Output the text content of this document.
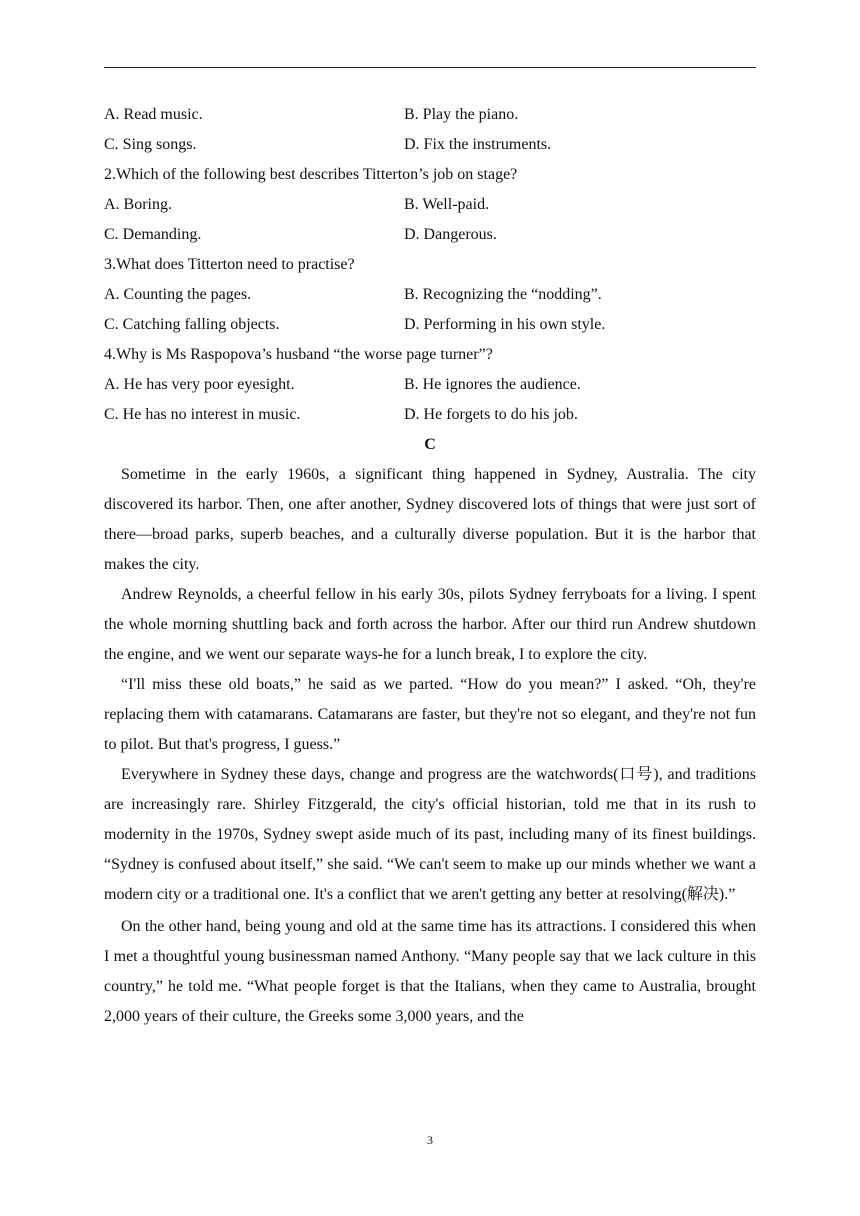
A. Read music.	B. Play the piano.
C. Sing songs.	D. Fix the instruments.
2.Which of the following best describes Titterton’s job on stage?
A. Boring.	B. Well-paid.
C. Demanding.	D. Dangerous.
3.What does Titterton need to practise?
A. Counting the pages.	B. Recognizing the “nodding”.
C. Catching falling objects.	D. Performing in his own style.
4.Why is Ms Raspopova’s husband “the worse page turner”?
A. He has very poor eyesight.	B. He ignores the audience.
C. He has no interest in music.	D. He forgets to do his job.
C

Sometime in the early 1960s, a significant thing happened in Sydney, Australia. The city discovered its harbor. Then, one after another, Sydney discovered lots of things that were just sort of there—broad parks, superb beaches, and a culturally diverse population. But it is the harbor that makes the city.

Andrew Reynolds, a cheerful fellow in his early 30s, pilots Sydney ferryboats for a living. I spent the whole morning shuttling back and forth across the harbor. After our third run Andrew shutdown the engine, and we went our separate ways-he for a lunch break, I to explore the city.

“I'll miss these old boats,” he said as we parted. “How do you mean?” I asked. “Oh, they're replacing them with catamarans. Catamarans are faster, but they're not so elegant, and they're not fun to pilot. But that's progress, I guess.”

Everywhere in Sydney these days, change and progress are the watchwords(口号), and traditions are increasingly rare. Shirley Fitzgerald, the city's official historian, told me that in its rush to modernity in the 1970s, Sydney swept aside much of its past, including many of its finest buildings. “Sydney is confused about itself,” she said. “We can't seem to make up our minds whether we want a modern city or a traditional one. It's a conflict that we aren't getting any better at resolving(解决).”

On the other hand, being young and old at the same time has its attractions. I considered this when I met a thoughtful young businessman named Anthony. “Many people say that we lack culture in this country,” he told me. “What people forget is that the Italians, when they came to Australia, brought 2,000 years of their culture, the Greeks some 3,000 years, and the

3
